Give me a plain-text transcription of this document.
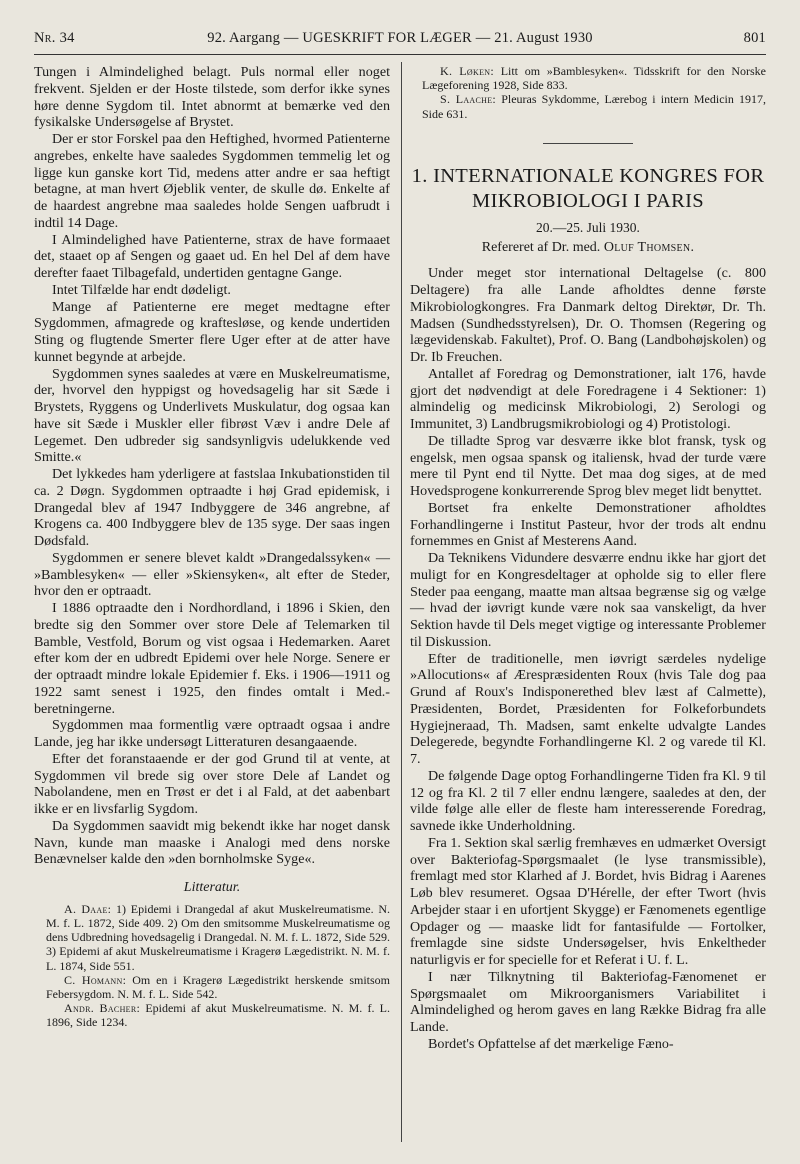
Nr. 34	92. Aargang — UGESKRIFT FOR LÆGER — 21. August 1930	801

Tungen i Almindelighed belagt. Puls normal eller noget frekvent. Sjelden er der Hoste tilstede, som derfor ikke synes høre denne Sygdom til. Intet abnormt at bemærke ved den fysikalske Undersøgelse af Brystet.

Der er stor Forskel paa den Heftighed, hvormed Patienterne angrebes, enkelte have saaledes Sygdommen temmelig let og ligge kun ganske kort Tid, medens atter andre er saa heftigt betagne, at man hvert Øjeblik venter, de skulle dø. Enkelte af de haardest angrebne maa saaledes holde Sengen uafbrudt i indtil 14 Dage.

I Almindelighed have Patienterne, strax de have formaaet det, staaet op af Sengen og gaaet ud. En hel Del af dem have derefter faaet Tilbagefald, undertiden gentagne Gange.

Intet Tilfælde har endt dødeligt.

Mange af Patienterne ere meget medtagne efter Sygdommen, afmagrede og kraftesløse, og kende undertiden Sting og flugtende Smerter flere Uger efter at de atter have kunnet begynde at arbejde.

Sygdommen synes saaledes at være en Muskelreumatisme, der, hvorvel den hyppigst og hovedsagelig har sit Sæde i Brystets, Ryggens og Underlivets Muskulatur, dog ogsaa kan have sit Sæde i Muskler eller fibrøst Væv i andre Dele af Legemet. Den udbreder sig sandsynligvis udelukkende ved Smitte.«

Det lykkedes ham yderligere at fastslaa Inkubationstiden til ca. 2 Døgn. Sygdommen optraadte i høj Grad epidemisk, i Drangedal blev af 1947 Indbyggere de 346 angrebne, af Krogens ca. 400 Indbyggere blev de 135 syge. Der saas ingen Dødsfald.

Sygdommen er senere blevet kaldt »Drangedalssyken« — »Bamblesyken« — eller »Skiensyken«, alt efter de Steder, hvor den er optraadt.

I 1886 optraadte den i Nordhordland, i 1896 i Skien, den bredte sig den Sommer over store Dele af Telemarken til Bamble, Vestfold, Borum og vist ogsaa i Hedemarken. Aaret efter kom der en udbredt Epidemi over hele Norge. Senere er der optraadt mindre lokale Epidemier f. Eks. i 1906—1911 og 1922 samt senest i 1925, den findes omtalt i Med.-beretningerne.

Sygdommen maa formentlig være optraadt ogsaa i andre Lande, jeg har ikke undersøgt Litteraturen desangaaende.

Efter det foranstaaende er der god Grund til at vente, at Sygdommen vil brede sig over store Dele af Landet og Nabolandene, men en Trøst er det i al Fald, at det aabenbart ikke er en livsfarlig Sygdom.

Da Sygdommen saavidt mig bekendt ikke har noget dansk Navn, kunde man maaske i Analogi med dens norske Benævnelser kalde den »den bornholmske Syge«.

Litteratur.

A. Daae: 1) Epidemi i Drangedal af akut Muskelreumatisme. N. M. f. L. 1872, Side 409. 2) Om den smitsomme Muskelreumatisme og dens Udbredning hovedsagelig i Drangedal. N. M. f. L. 1872, Side 529. 3) Epidemi af akut Muskelreumatisme i Kragerø Lægedistrikt. N. M. f. L. 1874, Side 551.

C. Homann: Om en i Kragerø Lægedistrikt herskende smitsom Febersygdom. N. M. f. L. Side 542.

Andr. Bacher: Epidemi af akut Muskelreumatisme. N. M. f. L. 1896, Side 1234.

K. Løken: Litt om »Bamblesyken«. Tidsskrift for den Norske Lægeforening 1928, Side 833.

S. Laache: Pleuras Sykdomme, Lærebog i intern Medicin 1917, Side 631.

1. INTERNATIONALE KONGRES FOR
MIKROBIOLOGI I PARIS
20.—25. Juli 1930.
Refereret af Dr. med. Oluf Thomsen.

Under meget stor international Deltagelse (c. 800 Deltagere) fra alle Lande afholdtes denne første Mikrobiologkongres. Fra Danmark deltog Direktør, Dr. Th. Madsen (Sundhedsstyrelsen), Dr. O. Thomsen (Regering og lægevidenskab. Fakultet), Prof. O. Bang (Landbohøjskolen) og Dr. Ib Freuchen.

Antallet af Foredrag og Demonstrationer, ialt 176, havde gjort det nødvendigt at dele Foredragene i 4 Sektioner: 1) almindelig og medicinsk Mikrobiologi, 2) Serologi og Immunitet, 3) Landbrugsmikrobiologi og 4) Protistologi.

De tilladte Sprog var desværre ikke blot fransk, tysk og engelsk, men ogsaa spansk og italiensk, hvad der turde være mere til Pynt end til Nytte. Det maa dog siges, at de med Hovedsprogene konkurrerende Sprog blev meget lidt benyttet.

Bortset fra enkelte Demonstrationer afholdtes Forhandlingerne i Institut Pasteur, hvor der trods alt endnu fornemmes en Gnist af Mesterens Aand.

Da Teknikens Vidundere desværre endnu ikke har gjort det muligt for en Kongresdeltager at opholde sig to eller flere Steder paa eengang, maatte man altsaa begrænse sig og vælge — hvad der iøvrigt kunde være nok saa vanskeligt, da hver Sektion havde til Dels meget vigtige og interessante Problemer til Diskussion.

Efter de traditionelle, men iøvrigt særdeles nydelige »Allocutions« af Ærespræsidenten Roux (hvis Tale dog paa Grund af Roux's Indisponerethed blev læst af Calmette), Præsidenten, Bordet, Præsidenten for Folkeforbundets Hygiejneraad, Th. Madsen, samt enkelte udvalgte Landes Delegerede, begyndte Forhandlingerne Kl. 2 og varede til Kl. 7.

De følgende Dage optog Forhandlingerne Tiden fra Kl. 9 til 12 og fra Kl. 2 til 7 eller endnu længere, saaledes at den, der vilde følge alle eller de fleste ham interesserende Foredrag, savnede ikke Underholdning.

Fra 1. Sektion skal særlig fremhæves en udmærket Oversigt over Bakteriofag-Spørgsmaalet (le lyse transmissible), fremlagt med stor Klarhed af J. Bordet, hvis Bidrag i Aarenes Løb blev resumeret. Ogsaa D'Hérelle, der efter Twort (hvis Arbejder staar i en ufortjent Skygge) er Fænomenets egentlige Opdager og — maaske lidt for fantasifulde — Fortolker, fremlagde sine sidste Undersøgelser, hvis Enkeltheder naturligvis er for specielle for et Referat i U. f. L.

I nær Tilknytning til Bakteriofag-Fænomenet er Spørgsmaalet om Mikroorganismers Variabilitet i Almindelighed og herom gaves en lang Række Bidrag fra alle Lande.

Bordet's Opfattelse af det mærkelige Fæno-
